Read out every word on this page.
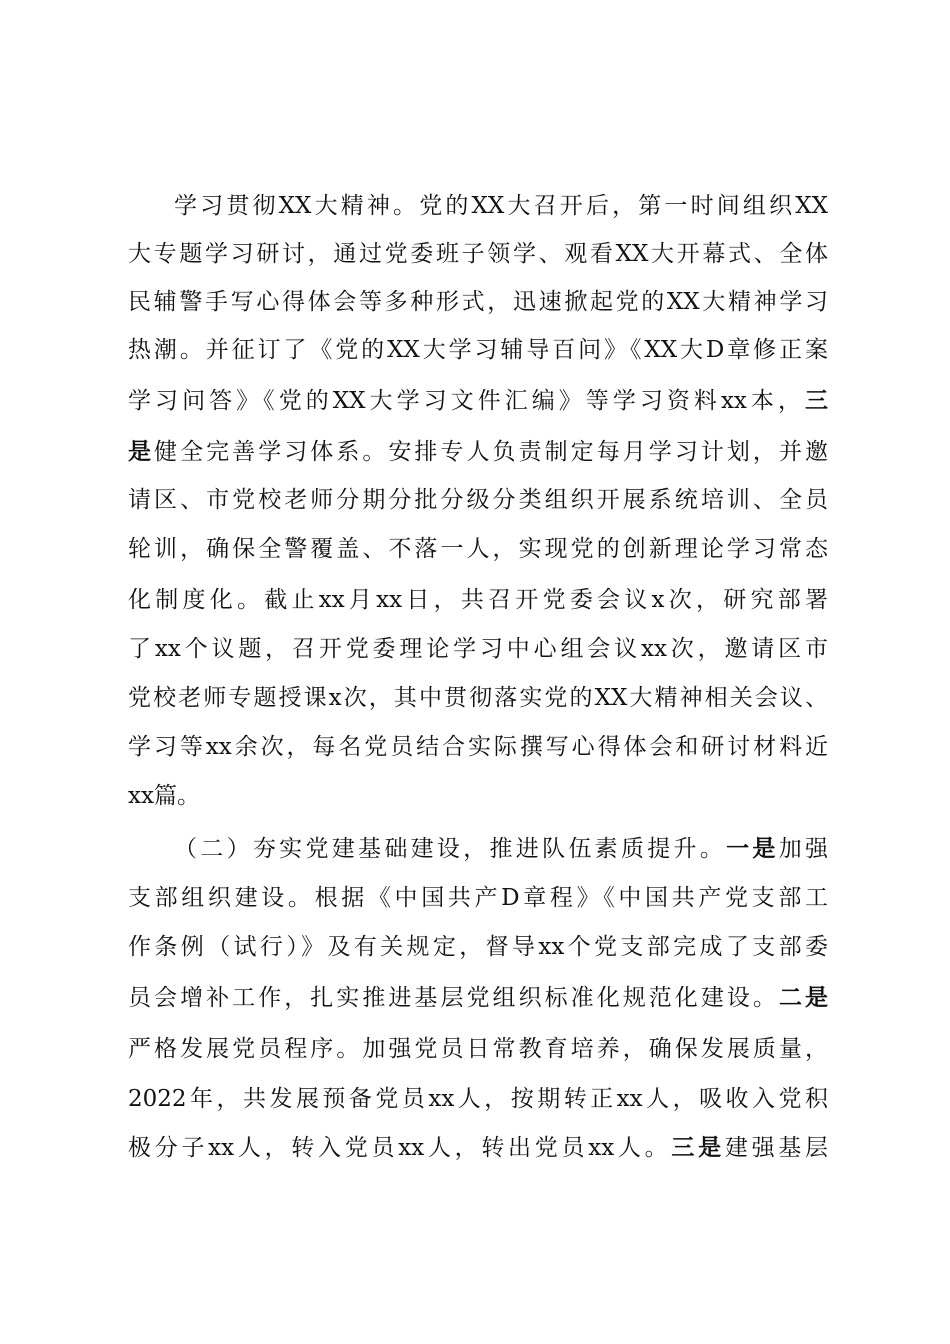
学习贯彻XX大精神。党的XX大召开后，第一时间组织XX
大专题学习研讨，通过党委班子领学、观看XX大开幕式、全体
民辅警手写心得体会等多种形式，迅速掀起党的XX大精神学习
热潮。并征订了《党的XX大学习辅导百问》《XX大D章修正案
学习问答》《党的XX大学习文件汇编》等学习资料xx本，三
是健全完善学习体系。安排专人负责制定每月学习计划，并邀
请区、市党校老师分期分批分级分类组织开展系统培训、全员
轮训，确保全警覆盖、不落一人，实现党的创新理论学习常态
化制度化。截止xx月xx日，共召开党委会议x次，研究部署
了xx个议题，召开党委理论学习中心组会议xx次，邀请区市
党校老师专题授课x次，其中贯彻落实党的XX大精神相关会议、
学习等xx余次，每名党员结合实际撰写心得体会和研讨材料近
xx篇。
（二）夯实党建基础建设，推进队伍素质提升。一是加强
支部组织建设。根据《中国共产D章程》《中国共产党支部工
作条例（试行）》及有关规定，督导xx个党支部完成了支部委
员会增补工作，扎实推进基层党组织标准化规范化建设。二是
严格发展党员程序。加强党员日常教育培养，确保发展质量，
2022年，共发展预备党员xx人，按期转正xx人，吸收入党积
极分子xx人，转入党员xx人，转出党员xx人。三是建强基层
